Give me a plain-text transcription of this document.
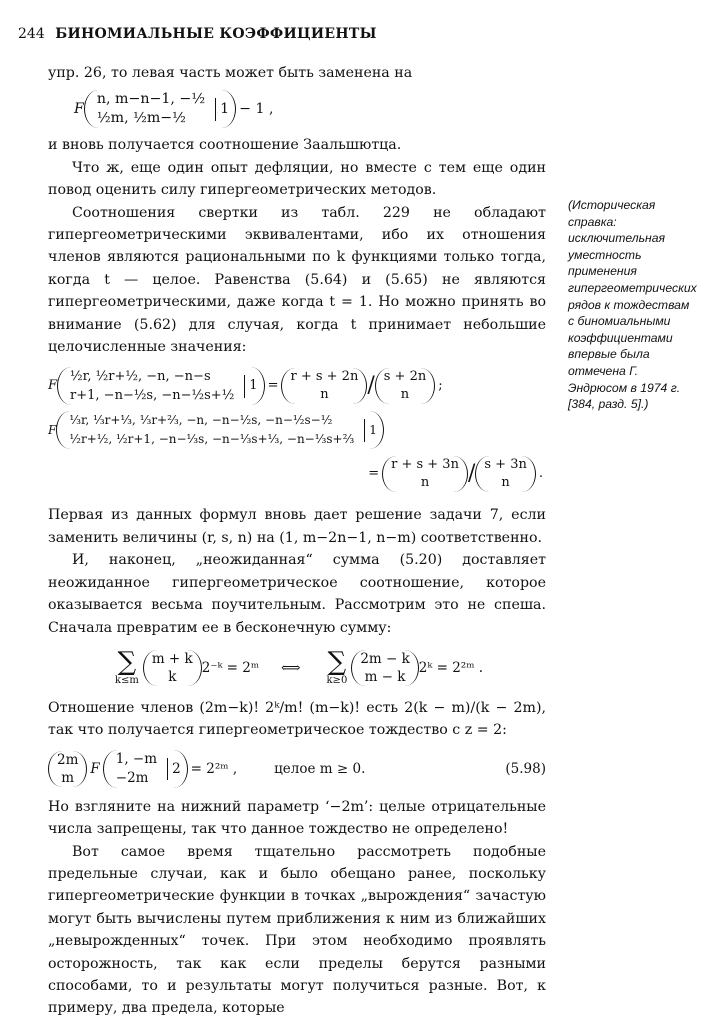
244 БИНОМИАЛЬНЫЕ КОЭФФИЦИЕНТЫ

упр. 26, то левая часть может быть заменена на

F
n, m−n−1, −½
½m, ½m−½
1 − 1 ,

и вновь получается соотношение Заальшютца.

Что ж, еще один опыт дефляции, но вместе с тем еще один повод оценить силу гипергеометрических методов.

Соотношения свертки из табл. 229 не обладают гипергеометрическими эквивалентами, ибо их отношения членов являются рациональными по k функциями только тогда, когда t — целое. Равенства (5.64) и (5.65) не являются гипергеометрическими, даже когда t = 1. Но можно принять во внимание (5.62) для случая, когда t принимает небольшие целочисленные значения:

F
½r, ½r+½, −n, −n−s
r+1, −n−½s, −n−½s+½
1 =
r + s + 2n
n / s + 2n
n
;
F
⅓r, ⅓r+⅓, ⅓r+⅔, −n, −n−½s, −n−½s−½
½r+½, ½r+1, −n−⅓s, −n−⅓s+⅓, −n−⅓s+⅔
1
=
r + s + 3n
n / s + 3n
n
.

Первая из данных формул вновь дает решение задачи 7, если заменить величины (r, s, n) на (1, m−2n−1, n−m) соответственно.

И, наконец, „неожиданная“ сумма (5.20) доставляет неожиданное гипергеометрическое соотношение, которое оказывается весьма поучительным. Рассмотрим это не спеша. Сначала превратим ее в бесконечную сумму:

∑
k≤m
m + k
k
2⁻ᵏ = 2ᵐ	⟺	∑
k≥0
2m − k
m − k
2ᵏ = 2²ᵐ .

Отношение членов (2m−k)! 2ᵏ/m! (m−k)! есть 2(k − m)/(k − 2m), так что получается гипергеометрическое тождество с z = 2:

2m
m
F
1, −m
−2m
2 = 2²ᵐ ,	целое m ≥ 0.	(5.98)

Но взгляните на нижний параметр ‘−2m’: целые отрицательные числа запрещены, так что данное тождество не определено!

Вот самое время тщательно рассмотреть подобные предельные случаи, как и было обещано ранее, поскольку гипергеометрические функции в точках „вырождения“ зачастую могут быть вычислены путем приближения к ним из ближайших „невырожденных“ точек. При этом необходимо проявлять осторожность, так как если пределы берутся разными способами, то и результаты могут получиться разные. Вот, к примеру, два предела, которые

(Историческая справка: исключительная уместность применения гипергеометрических рядов к тождествам с биномиальными коэффициентами впервые была отмечена Г. Эндрюсом в 1974 г. [384, разд. 5].)
